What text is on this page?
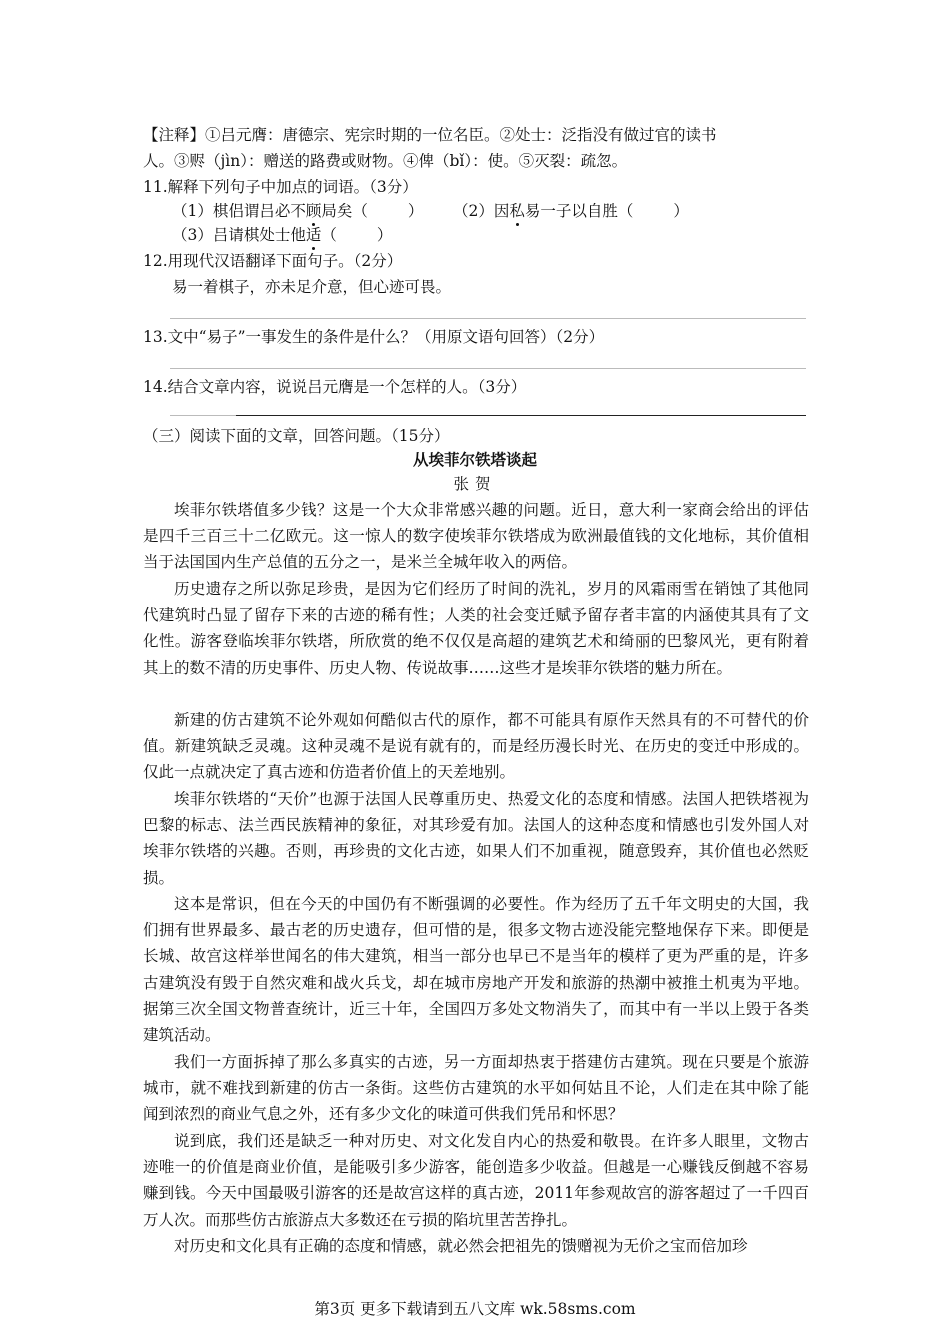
【注释】①吕元膺：唐德宗、宪宗时期的一位名臣。②处士：泛指没有做过官的读书
人。③赆（jìn）：赠送的路费或财物。④俾（bǐ）：使。⑤灭裂：疏忽。
11.解释下列句子中加点的词语。（3分）
（1）棋侣谓吕必不顾局矣（	） （2）因私易一子以自胜（	）
（3）吕请棋处士他适（	）
12.用现代汉语翻译下面句子。（2分）
易一着棋子，亦未足介意，但心迹可畏。
13.文中“易子”一事发生的条件是什么？（用原文语句回答）（2分）
14.结合文章内容，说说吕元膺是一个怎样的人。（3分）
（三）阅读下面的文章，回答问题。（15分）
从埃菲尔铁塔谈起
张贺

埃菲尔铁塔值多少钱？这是一个大众非常感兴趣的问题。近日，意大利一家商会给出的评估是四千三百三十二亿欧元。这一惊人的数字使埃菲尔铁塔成为欧洲最值钱的文化地标，其价值相当于法国国内生产总值的五分之一，是米兰全城年收入的两倍。

历史遗存之所以弥足珍贵，是因为它们经历了时间的洗礼，岁月的风霜雨雪在销蚀了其他同代建筑时凸显了留存下来的古迹的稀有性；人类的社会变迁赋予留存者丰富的内涵使其具有了文化性。游客登临埃菲尔铁塔，所欣赏的绝不仅仅是高超的建筑艺术和绮丽的巴黎风光，更有附着其上的数不清的历史事件、历史人物、传说故事……这些才是埃菲尔铁塔的魅力所在。

新建的仿古建筑不论外观如何酷似古代的原作，都不可能具有原作天然具有的不可替代的价值。新建筑缺乏灵魂。这种灵魂不是说有就有的，而是经历漫长时光、在历史的变迁中形成的。仅此一点就决定了真古迹和仿造者价值上的天差地别。

埃菲尔铁塔的“天价”也源于法国人民尊重历史、热爱文化的态度和情感。法国人把铁塔视为巴黎的标志、法兰西民族精神的象征，对其珍爱有加。法国人的这种态度和情感也引发外国人对埃菲尔铁塔的兴趣。否则，再珍贵的文化古迹，如果人们不加重视，随意毁弃，其价值也必然贬损。

这本是常识，但在今天的中国仍有不断强调的必要性。作为经历了五千年文明史的大国，我们拥有世界最多、最古老的历史遗存，但可惜的是，很多文物古迹没能完整地保存下来。即便是长城、故宫这样举世闻名的伟大建筑，相当一部分也早已不是当年的模样了更为严重的是，许多古建筑没有毁于自然灾难和战火兵戈，却在城市房地产开发和旅游的热潮中被推土机夷为平地。据第三次全国文物普查统计，近三十年，全国四万多处文物消失了，而其中有一半以上毁于各类建筑活动。

我们一方面拆掉了那么多真实的古迹，另一方面却热衷于搭建仿古建筑。现在只要是个旅游城市，就不难找到新建的仿古一条街。这些仿古建筑的水平如何姑且不论，人们走在其中除了能闻到浓烈的商业气息之外，还有多少文化的味道可供我们凭吊和怀思？

说到底，我们还是缺乏一种对历史、对文化发自内心的热爱和敬畏。在许多人眼里，文物古迹唯一的价值是商业价值，是能吸引多少游客，能创造多少收益。但越是一心赚钱反倒越不容易赚到钱。今天中国最吸引游客的还是故宫这样的真古迹，2011年参观故宫的游客超过了一千四百万人次。而那些仿古旅游点大多数还在亏损的陷坑里苦苦挣扎。

对历史和文化具有正确的态度和情感，就必然会把祖先的馈赠视为无价之宝而倍加珍

第3页 更多下载请到五八文库 wk.58sms.com
